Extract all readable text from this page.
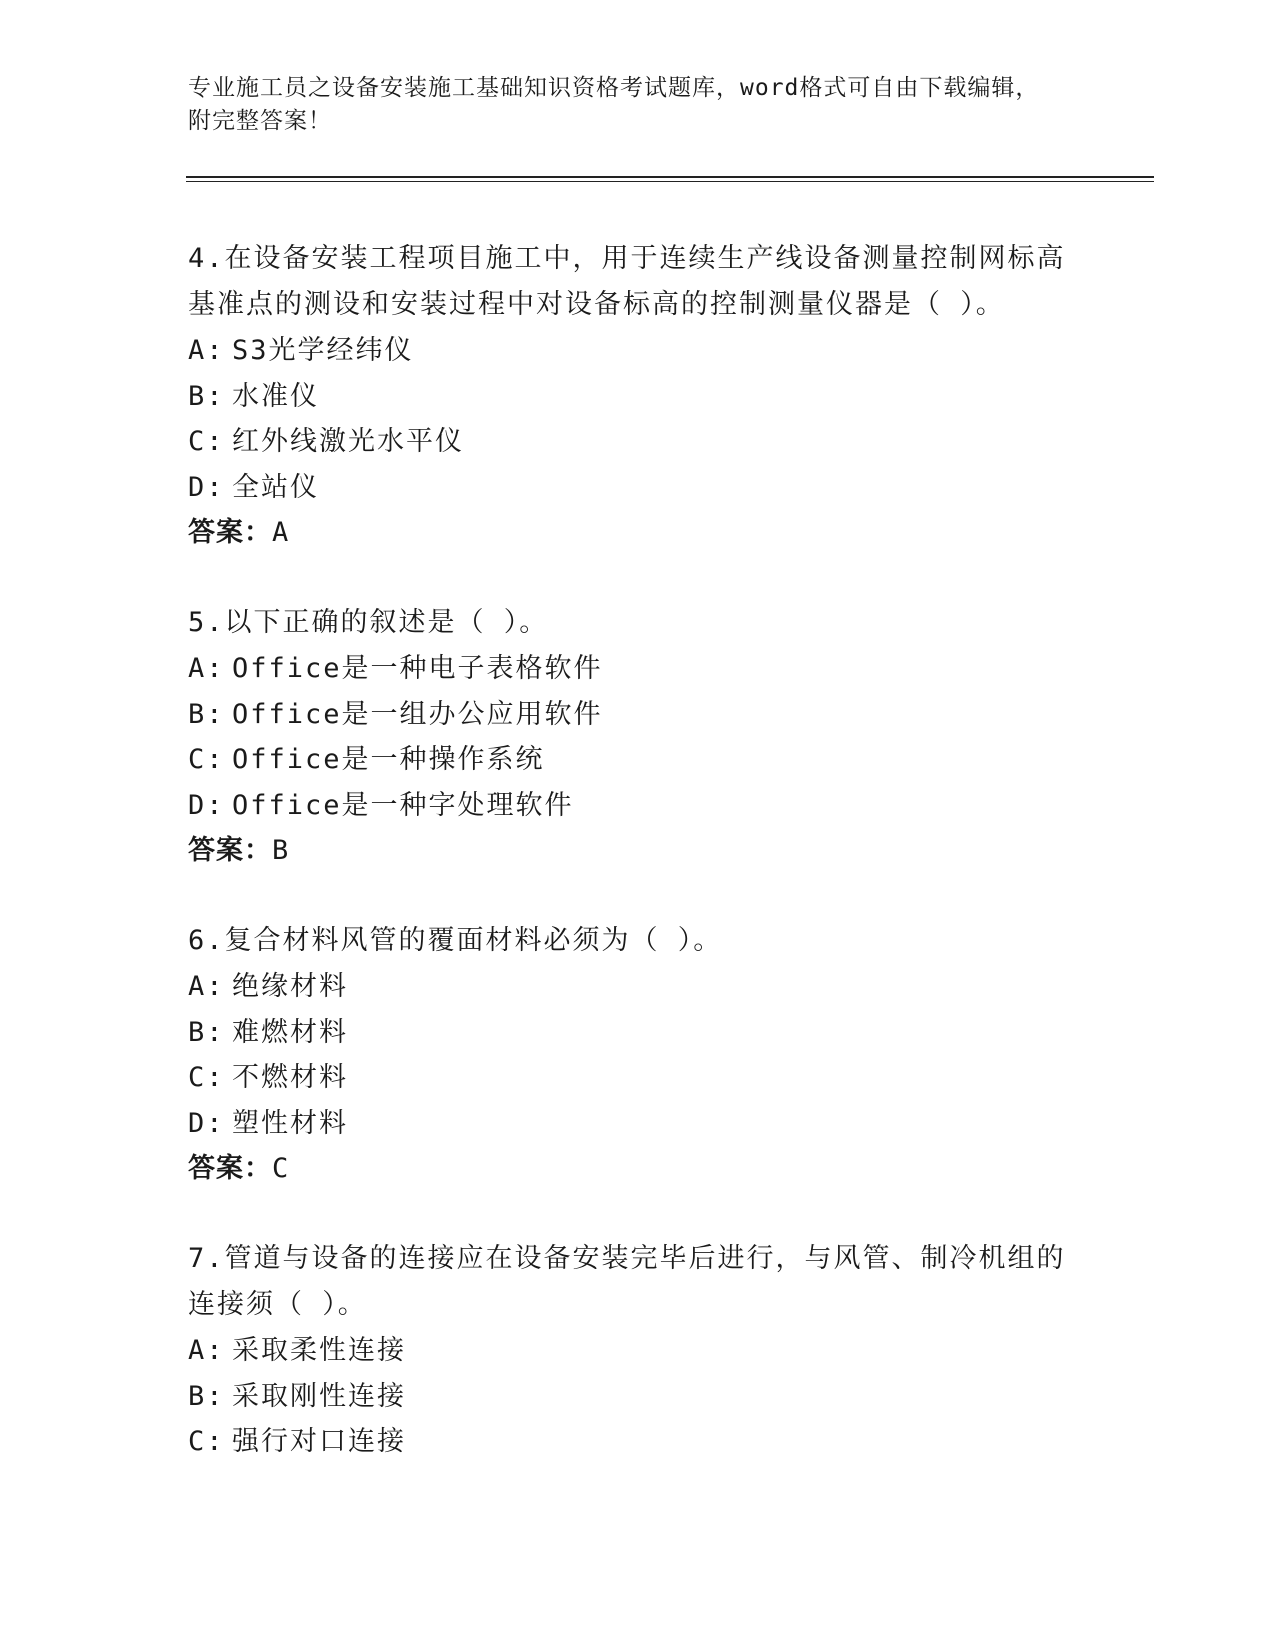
专业施工员之设备安装施工基础知识资格考试题库，word格式可自由下载编辑，
附完整答案！
4.在设备安装工程项目施工中，用于连续生产线设备测量控制网标高基准点的测设和安装过程中对设备标高的控制测量仪器是（ ）。
A: S3光学经纬仪
B: 水准仪
C: 红外线激光水平仪
D: 全站仪
答案：A
5.以下正确的叙述是（ ）。
A: Office是一种电子表格软件
B: Office是一组办公应用软件
C: Office是一种操作系统
D: Office是一种字处理软件
答案：B
6.复合材料风管的覆面材料必须为（ ）。
A: 绝缘材料
B: 难燃材料
C: 不燃材料
D: 塑性材料
答案：C
7.管道与设备的连接应在设备安装完毕后进行，与风管、制冷机组的连接须（ ）。
A: 采取柔性连接
B: 采取刚性连接
C: 强行对口连接
